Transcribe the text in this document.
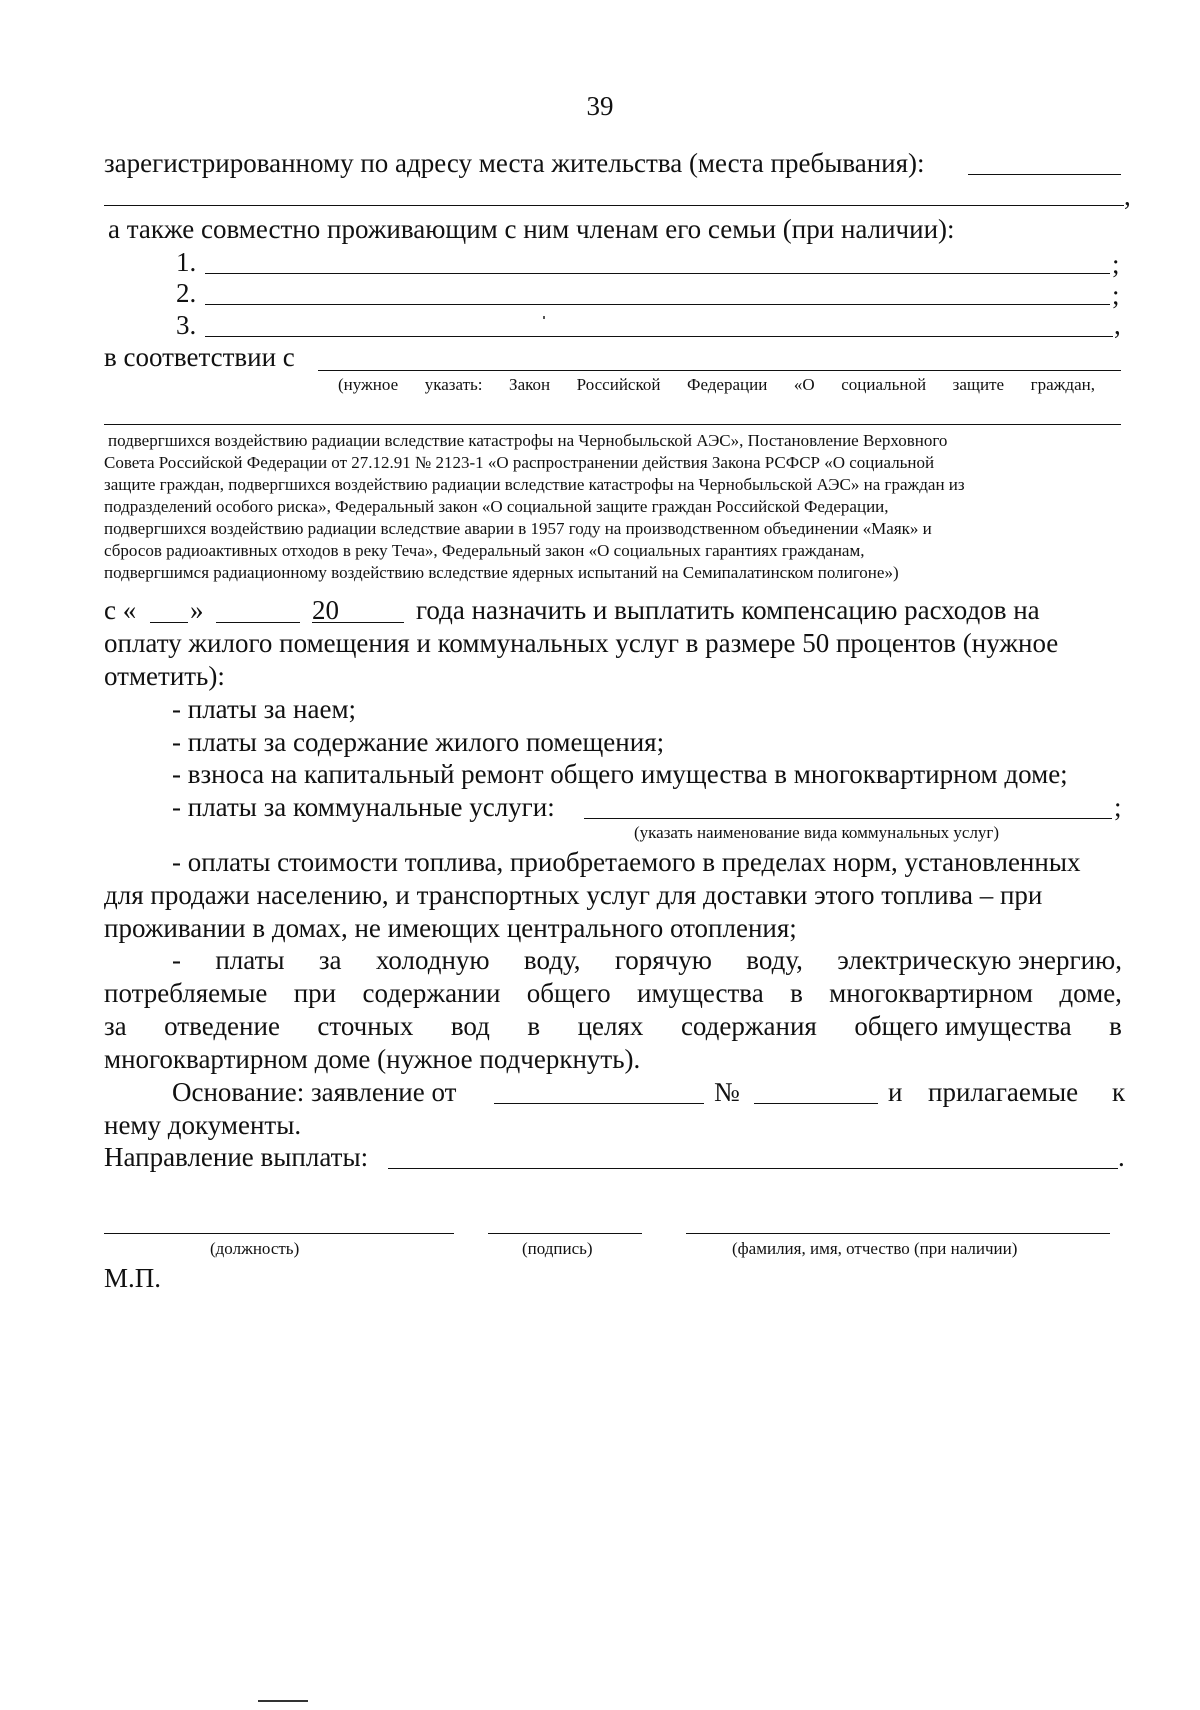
39
зарегистрированному по адресу места жительства (места пребывания):
,
а также совместно проживающим с ним членам его семьи (при наличии):
1.	;
2.	;
3.	,
в соответствии с
(нужное указать: Закон Российской Федерации «О социальной защите граждан,
подвергшихся воздействию радиации вследствие катастрофы на Чернобыльской АЭС», Постановление Верховного
Совета Российской Федерации от 27.12.91 № 2123-1 «О распространении действия Закона РСФСР «О социальной
защите граждан, подвергшихся воздействию радиации вследствие катастрофы на Чернобыльской АЭС» на граждан из
подразделений особого риска», Федеральный закон «О социальной защите граждан Российской Федерации,
подвергшихся воздействию радиации вследствие аварии в 1957 году на производственном объединении «Маяк» и
сбросов радиоактивных отходов в реку Теча», Федеральный закон «О социальных гарантиях гражданам,
подвергшимся радиационному воздействию вследствие ядерных испытаний на Семипалатинском полигоне»)
с « »	20	года назначить и выплатить компенсацию расходов на
оплату жилого помещения и коммунальных услуг в размере 50 процентов (нужное
отметить):
- платы за наем;
- платы за содержание жилого помещения;
- взноса на капитальный ремонт общего имущества в многоквартирном доме;
- платы за коммунальные услуги:	;
(указать наименование вида коммунальных услуг)
- оплаты стоимости топлива, приобретаемого в пределах норм, установленных
для продажи населению, и транспортных услуг для доставки этого топлива – при
проживании в домах, не имеющих центрального отопления;
- платы за холодную воду, горячую воду, электрическую энергию,
потребляемые при содержании общего имущества в многоквартирном доме,
за отведение сточных вод в целях содержания общего имущества в
многоквартирном доме (нужное подчеркнуть).
Основание: заявление от	№	и прилагаемые к
нему документы.
Направление выплаты:	.
(должность)	(подпись)	(фамилия, имя, отчество (при наличии)
М.П.
